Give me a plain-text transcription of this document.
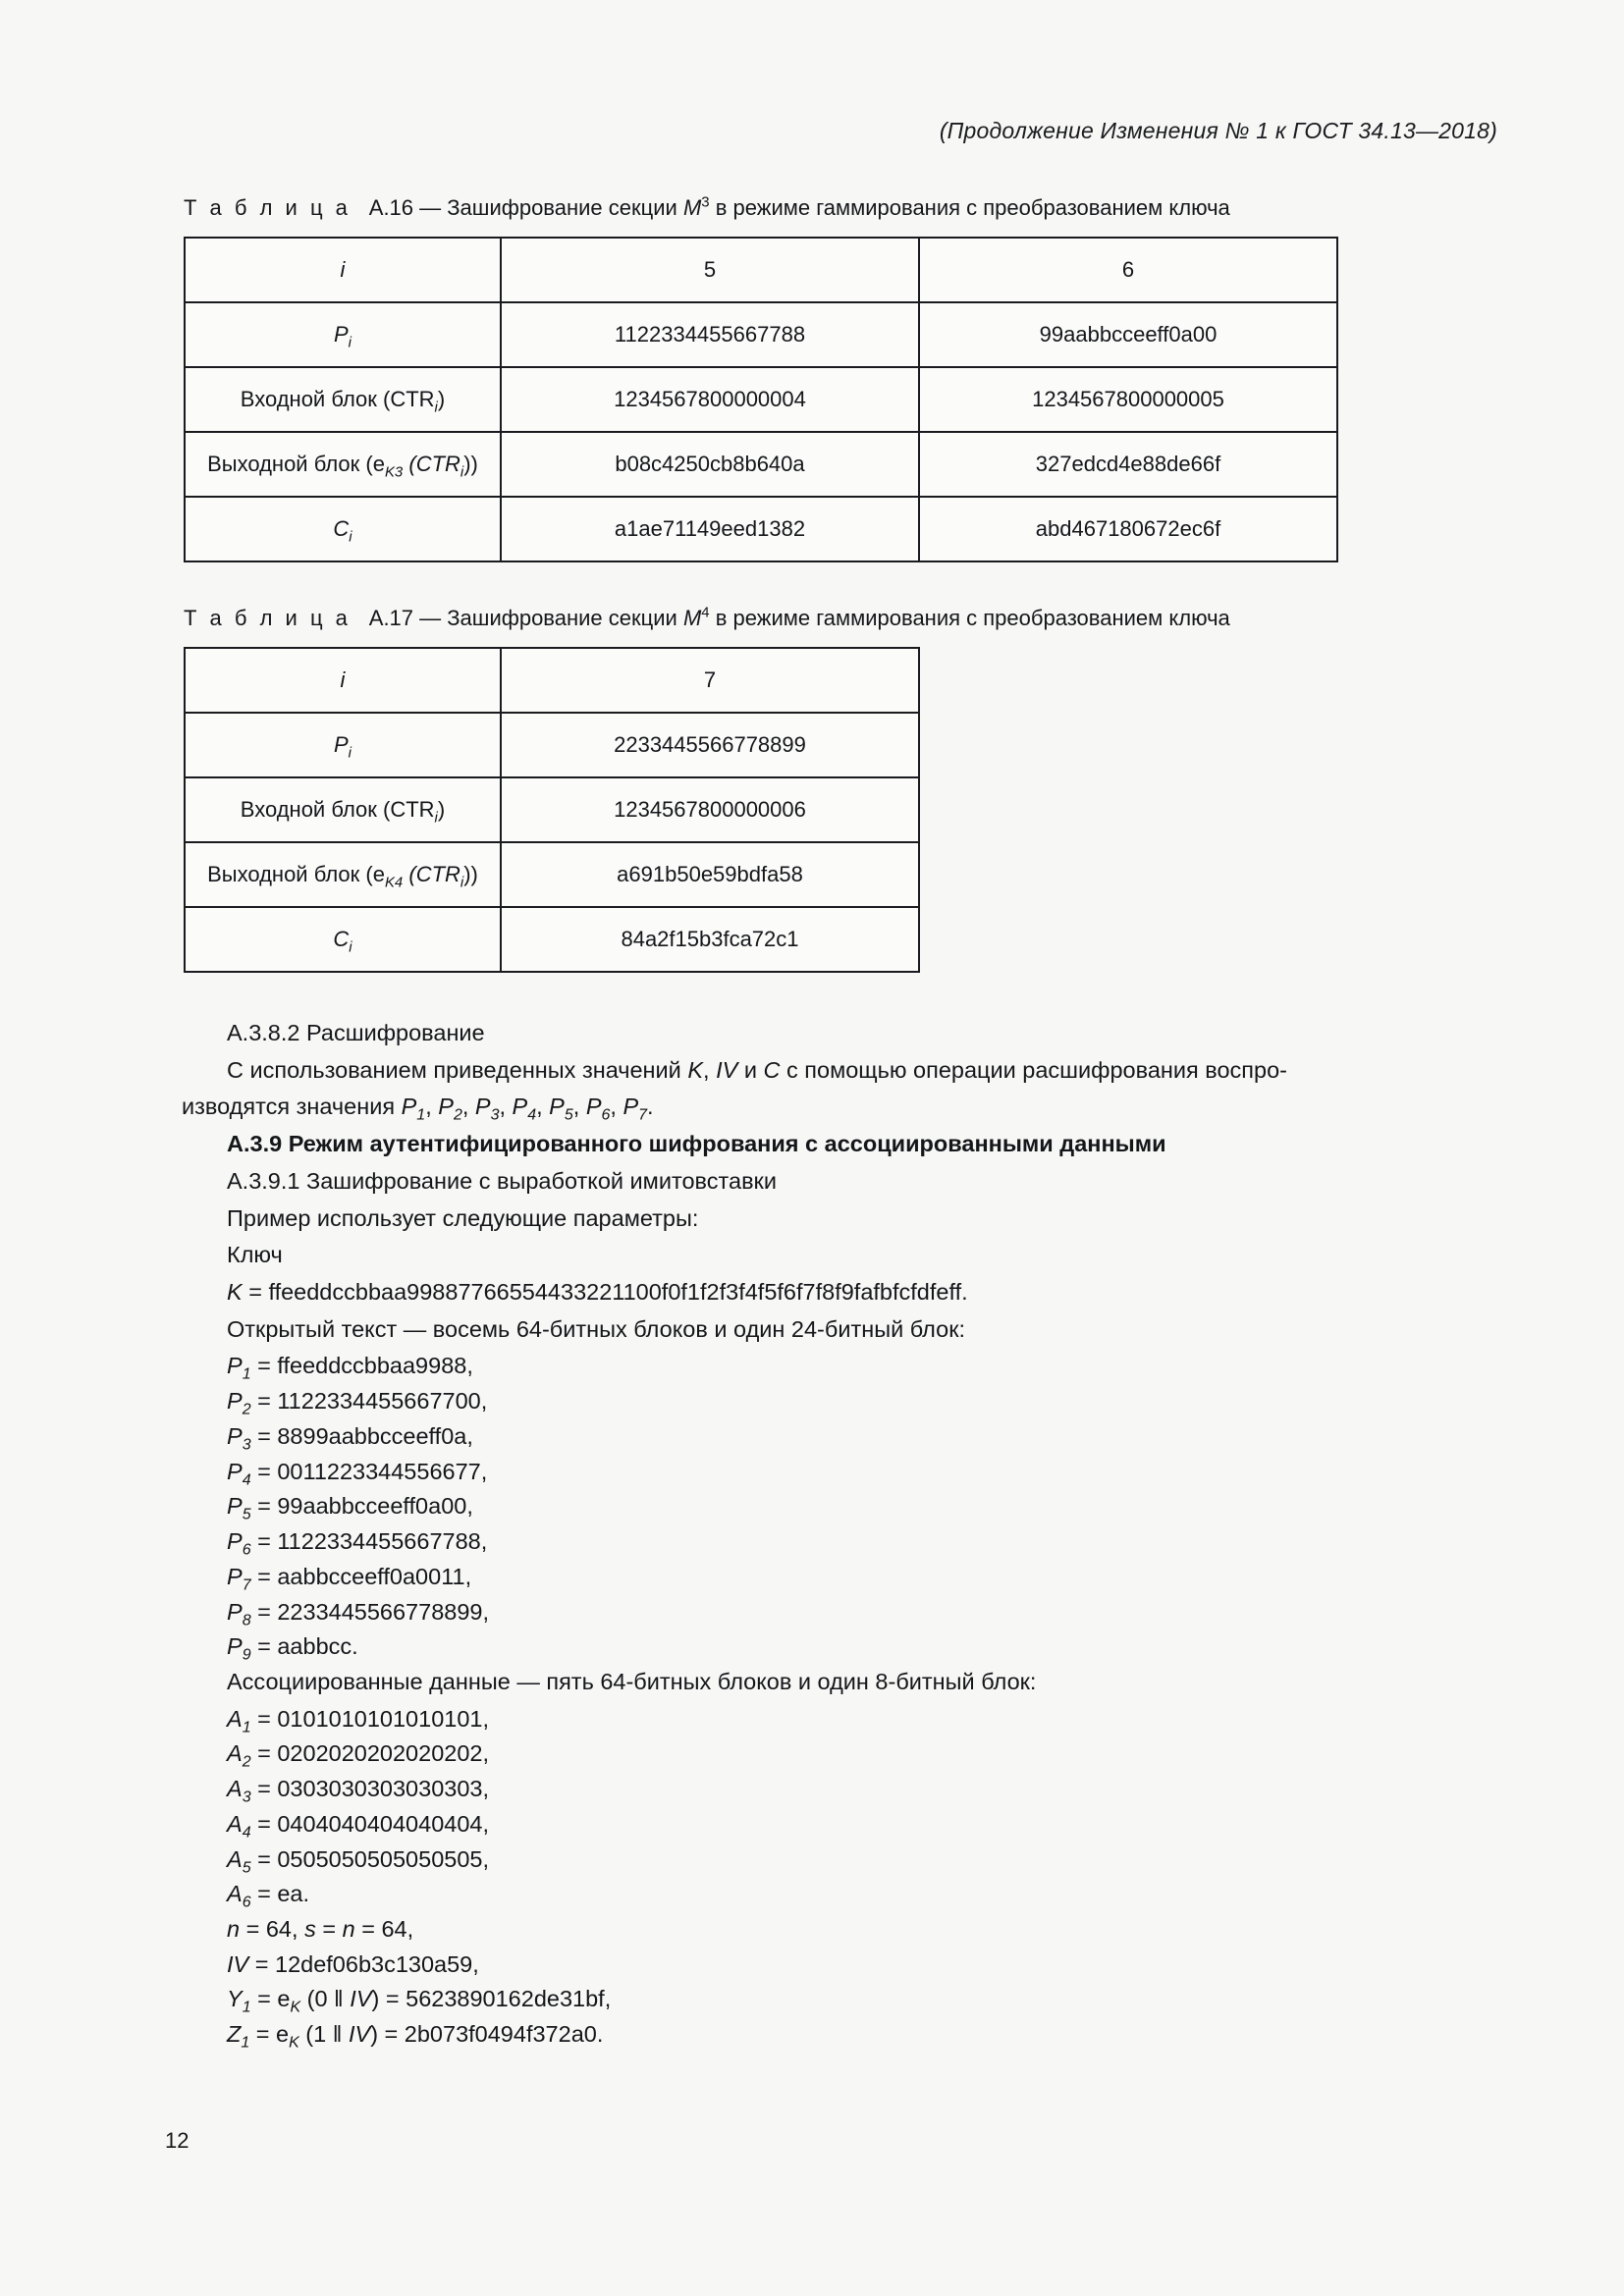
(Продолжение Изменения № 1 к ГОСТ 34.13—2018)
Т а б л и ц а А.16 — Зашифрование секции $M^3$ в режиме гаммирования с преобразованием ключа
i	5	6
$P_i$	1122334455667788	99aabbcceeff0a00
Входной блок $(CTR_i)$	1234567800000004	1234567800000005
Выходной блок ($e_{K3}$ $(CTR_i)$)	b08c4250cb8b640a	327edcd4e88de66f
$C_i$	a1ae71149eed1382	abd467180672ec6f
Т а б л и ц а А.17 — Зашифрование секции $M^4$ в режиме гаммирования с преобразованием ключа
i	7
$P_i$	2233445566778899
Входной блок $(CTR_i)$	1234567800000006
Выходной блок ($e_{K4}$ $(CTR_i)$)	a691b50e59bdfa58
$C_i$	84a2f15b3fca72c1

А.3.8.2 Расшифрование

С использованием приведенных значений K, IV и C с помощью операции расшифрования воспро-

изводятся значения $P_1$, $P_2$, $P_3$, $P_4$, $P_5$, $P_6$, $P_7$.

А.3.9 Режим аутентифицированного шифрования с ассоциированными данными

А.3.9.1 Зашифрование с выработкой имитовставки

Пример использует следующие параметры:

Ключ

K = ffeeddccbbaa99887766554433221100f0f1f2f3f4f5f6f7f8f9fafbfcfdfeff.

Открытый текст — восемь 64-битных блоков и один 24-битный блок:

$P_1$ = ffeeddccbbaa9988,

$P_2 = 1122334455667700$,

$P_3$ = 8899aabbcceeff0a,

$P_4 = 0011223344556677$,

$P_5$ = 99aabbcceeff0a00,

$P_6 = 1122334455667788$,

$P_7$ = aabbcceeff0a0011,

$P_8 = 2233445566778899$,

$P_9$ = aabbcc.

Ассоциированные данные — пять 64-битных блоков и один 8-битный блок:

$A_1 = 0101010101010101$,

$A_2 = 0202020202020202$,

$A_3 = 0303030303030303$,

$A_4 = 0404040404040404$,

$A_5 = 0505050505050505$,

$A_6$ = ea.

n = 64, s = n = 64,

IV = 12def06b3c130a59,

$Y_1 = e_K$ (0 ‖ IV) = 5623890162de31bf,

$Z_1 = e_K$ (1 ‖ IV) = 2b073f0494f372a0.

12
